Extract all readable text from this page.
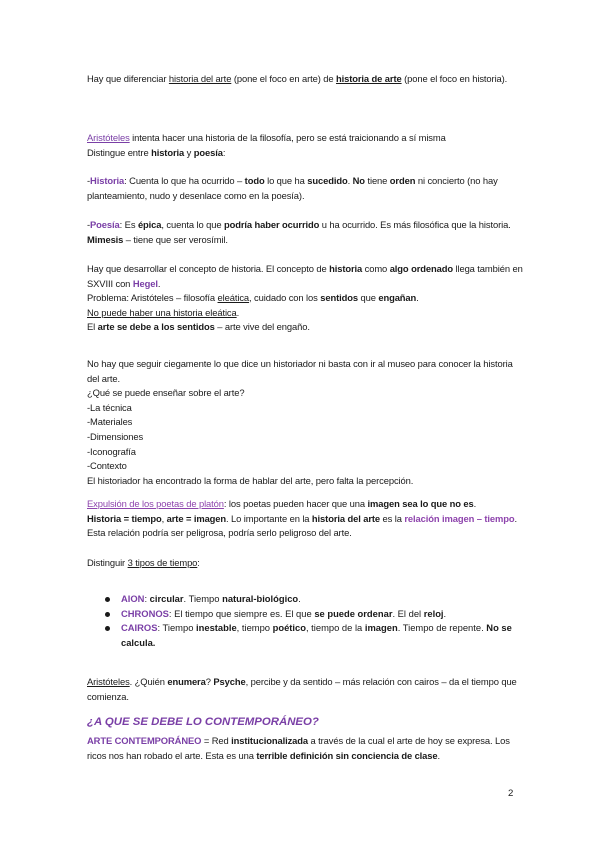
Hay que diferenciar historia del arte (pone el foco en arte) de historia de arte (pone el foco en historia).
Aristóteles intenta hacer una historia de la filosofía, pero se está traicionando a sí misma
Distingue entre historia y poesía:
-Historia: Cuenta lo que ha ocurrido – todo lo que ha sucedido. No tiene orden ni concierto (no hay planteamiento, nudo y desenlace como en la poesía).
-Poesía: Es épica, cuenta lo que podría haber ocurrido u ha ocurrido. Es más filosófica que la historia. Mimesis – tiene que ser verosímil.
Hay que desarrollar el concepto de historia. El concepto de historia como algo ordenado llega también en SXVIII con Hegel.
Problema: Aristóteles – filosofía eleática, cuidado con los sentidos que engañan.
No puede haber una historia eleática.
El arte se debe a los sentidos – arte vive del engaño.
No hay que seguir ciegamente lo que dice un historiador ni basta con ir al museo para conocer la historia del arte.
¿Qué se puede enseñar sobre el arte?
-La técnica
-Materiales
-Dimensiones
-Iconografía
-Contexto
El historiador ha encontrado la forma de hablar del arte, pero falta la percepción.
Expulsión de los poetas de platón: los poetas pueden hacer que una imagen sea lo que no es.
Historia = tiempo, arte = imagen. Lo importante en la historia del arte es la relación imagen – tiempo. Esta relación podría ser peligrosa, podría serlo peligroso del arte.
Distinguir 3 tipos de tiempo:
AION: circular. Tiempo natural-biológico.
CHRONOS: El tiempo que siempre es. El que se puede ordenar. El del reloj.
CAIROS: Tiempo inestable, tiempo poético, tiempo de la imagen. Tiempo de repente. No se calcula.
Aristóteles. ¿Quién enumera? Psyche, percibe y da sentido – más relación con cairos – da el tiempo que comienza.
¿A QUE SE DEBE LO CONTEMPORÁNEO?
ARTE CONTEMPORÁNEO = Red institucionalizada a través de la cual el arte de hoy se expresa. Los ricos nos han robado el arte. Esta es una terrible definición sin conciencia de clase.
2
